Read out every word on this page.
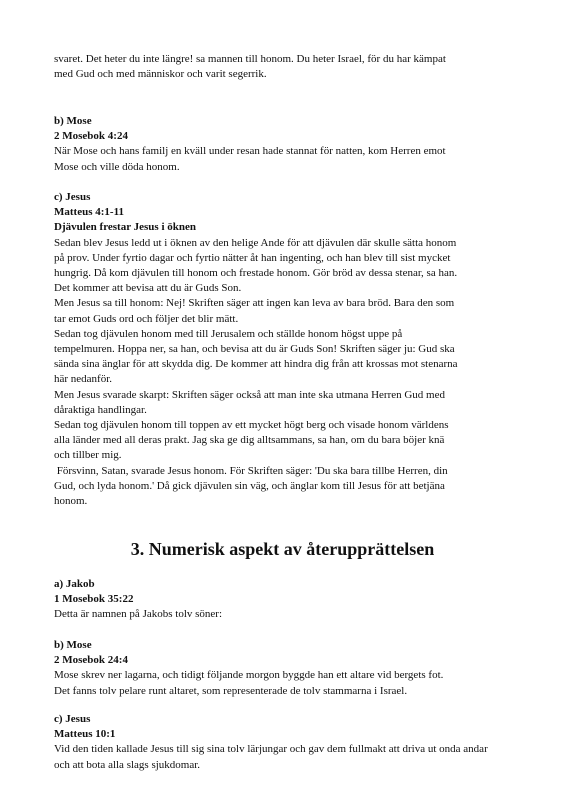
svaret. Det heter du inte längre! sa mannen till honom. Du heter Israel, för du har kämpat
med Gud och med människor och varit segerrik.

b) Mose
2 Mosebok 4:24
När Mose och hans familj en kväll under resan hade stannat för natten, kom Herren emot
Mose och ville döda honom.

c) Jesus
Matteus 4:1-11
Djävulen frestar Jesus i öknen
Sedan blev Jesus ledd ut i öknen av den helige Ande för att djävulen där skulle sätta honom
på prov. Under fyrtio dagar och fyrtio nätter åt han ingenting, och han blev till sist mycket
hungrig. Då kom djävulen till honom och frestade honom. Gör bröd av dessa stenar, sa han.
Det kommer att bevisa att du är Guds Son.
Men Jesus sa till honom: Nej! Skriften säger att ingen kan leva av bara bröd. Bara den som
tar emot Guds ord och följer det blir mätt.
Sedan tog djävulen honom med till Jerusalem och ställde honom högst uppe på
tempelmuren. Hoppa ner, sa han, och bevisa att du är Guds Son! Skriften säger ju: Gud ska
sända sina änglar för att skydda dig. De kommer att hindra dig från att krossas mot stenarna
här nedanför.
Men Jesus svarade skarpt: Skriften säger också att man inte ska utmana Herren Gud med
dåraktiga handlingar.
Sedan tog djävulen honom till toppen av ett mycket högt berg och visade honom världens
alla länder med all deras prakt. Jag ska ge dig alltsammans, sa han, om du bara böjer knä
och tillber mig.
Försvinn, Satan, svarade Jesus honom. För Skriften säger: 'Du ska bara tillbe Herren, din
Gud, och lyda honom.' Då gick djävulen sin väg, och änglar kom till Jesus för att betjäna
honom.

3. Numerisk aspekt av återupprättelsen

a) Jakob
1 Mosebok 35:22
Detta är namnen på Jakobs tolv söner:

b) Mose
2 Mosebok 24:4
Mose skrev ner lagarna, och tidigt följande morgon byggde han ett altare vid bergets fot.
Det fanns tolv pelare runt altaret, som representerade de tolv stammarna i Israel.

c) Jesus
Matteus 10:1
Vid den tiden kallade Jesus till sig sina tolv lärjungar och gav dem fullmakt att driva ut onda andar
och att bota alla slags sjukdomar.
